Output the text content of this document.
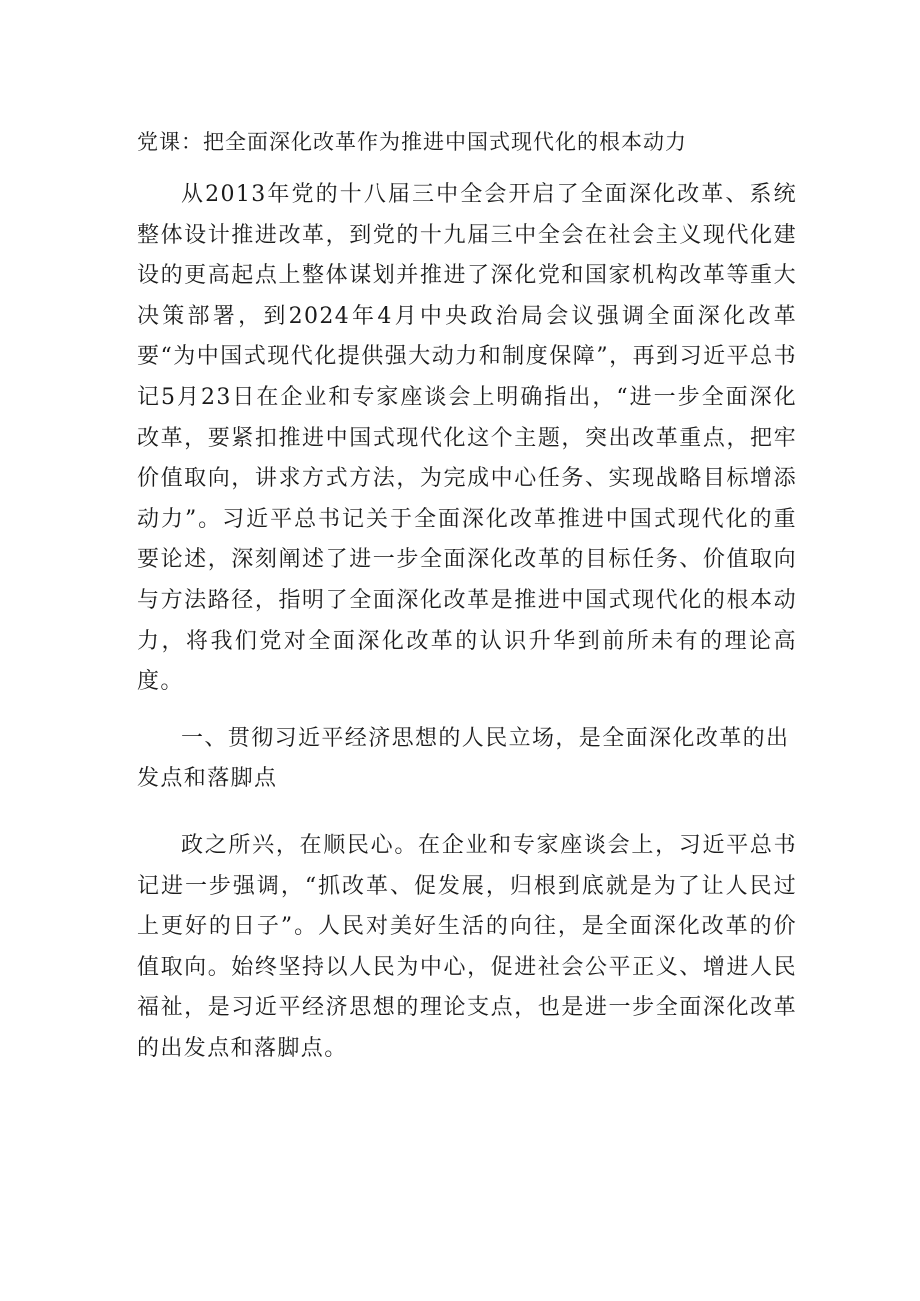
党课：把全面深化改革作为推进中国式现代化的根本动力

从2013年党的十八届三中全会开启了全面深化改革、系统整体设计推进改革，到党的十九届三中全会在社会主义现代化建设的更高起点上整体谋划并推进了深化党和国家机构改革等重大决策部署，到2024年4月中央政治局会议强调全面深化改革要“为中国式现代化提供强大动力和制度保障”，再到习近平总书记5月23日在企业和专家座谈会上明确指出，“进一步全面深化改革，要紧扣推进中国式现代化这个主题，突出改革重点，把牢价值取向，讲求方式方法，为完成中心任务、实现战略目标增添动力”。习近平总书记关于全面深化改革推进中国式现代化的重要论述，深刻阐述了进一步全面深化改革的目标任务、价值取向与方法路径，指明了全面深化改革是推进中国式现代化的根本动力，将我们党对全面深化改革的认识升华到前所未有的理论高度。

一、贯彻习近平经济思想的人民立场，是全面深化改革的出发点和落脚点

政之所兴，在顺民心。在企业和专家座谈会上，习近平总书记进一步强调，“抓改革、促发展，归根到底就是为了让人民过上更好的日子”。人民对美好生活的向往，是全面深化改革的价值取向。始终坚持以人民为中心，促进社会公平正义、增进人民福祉，是习近平经济思想的理论支点，也是进一步全面深化改革的出发点和落脚点。
